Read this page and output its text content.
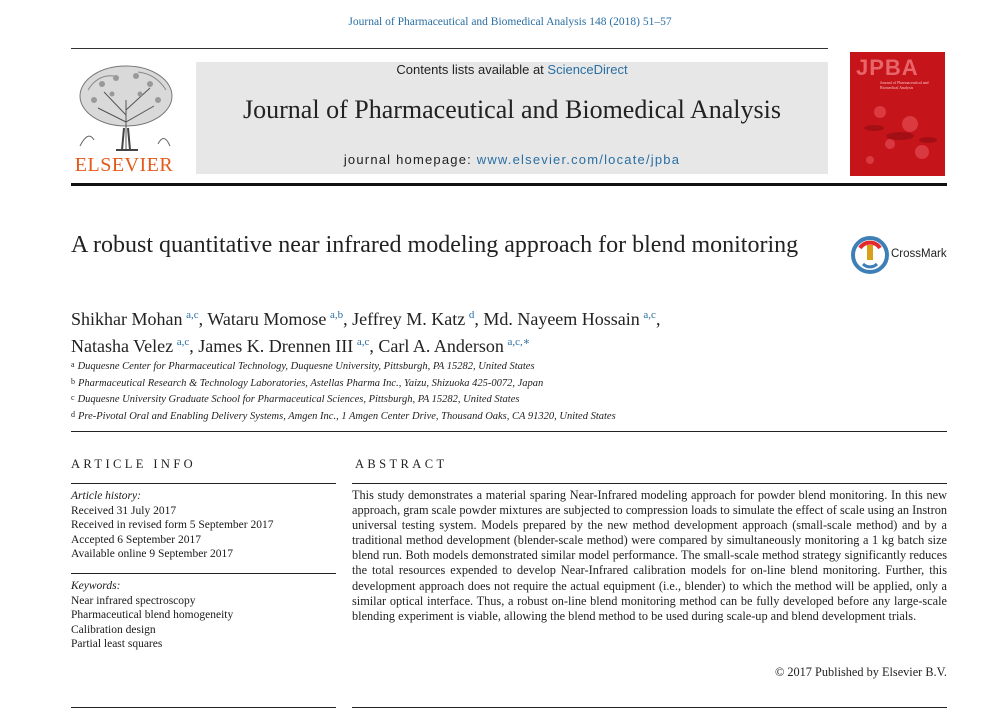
Journal of Pharmaceutical and Biomedical Analysis 148 (2018) 51–57
ELSEVIER
Contents lists available at ScienceDirect
Journal of Pharmaceutical and Biomedical Analysis
journal homepage: www.elsevier.com/locate/jpba
JPBA
Journal of Pharmaceutical and Biomedical Analysis
A robust quantitative near infrared modeling approach for blend monitoring	CrossMark
Shikhar Mohan  $^{a,c}$, Wataru Momose  $^{a,b}$, Jeffrey M. Katz  $^d$, Md. Nayeem Hossain  $^{a,c}$,
Natasha Velez  $^{a,c}$, James K. Drennen III  $^{a,c}$, Carl A. Anderson  $^{a,c,∗}$
a Duquesne Center for Pharmaceutical Technology, Duquesne University, Pittsburgh, PA 15282, United States
b Pharmaceutical Research & Technology Laboratories, Astellas Pharma Inc., Yaizu, Shizuoka 425-0072, Japan
c Duquesne University Graduate School for Pharmaceutical Sciences, Pittsburgh, PA 15282, United States
d Pre-Pivotal Oral and Enabling Delivery Systems, Amgen Inc., 1 Amgen Center Drive, Thousand Oaks, CA 91320, United States
ARTICLE INFO	ABSTRACT
Article history:
Received 31 July 2017
Received in revised form 5 September 2017
Accepted 6 September 2017
Available online 9 September 2017
Keywords:
Near infrared spectroscopy
Pharmaceutical blend homogeneity
Calibration design
Partial least squares
This study demonstrates a material sparing Near-Infrared modeling approach for powder blend monitoring. In this new approach, gram scale powder mixtures are subjected to compression loads to simulate the effect of scale using an Instron universal testing system. Models prepared by the new method development approach (small-scale method) and by a traditional method development (blender-scale method) were compared by simultaneously monitoring a 1 kg batch size blend run. Both models demonstrated similar model performance. The small-scale method strategy significantly reduces the total resources expended to develop Near-Infrared calibration models for on-line blend monitoring. Further, this development approach does not require the actual equipment (i.e., blender) to which the method will be applied, only a similar optical interface. Thus, a robust on-line blend monitoring method can be fully developed before any large-scale blending experiment is viable, allowing the blend method to be used during scale-up and blend development trials.
© 2017 Published by Elsevier B.V.
